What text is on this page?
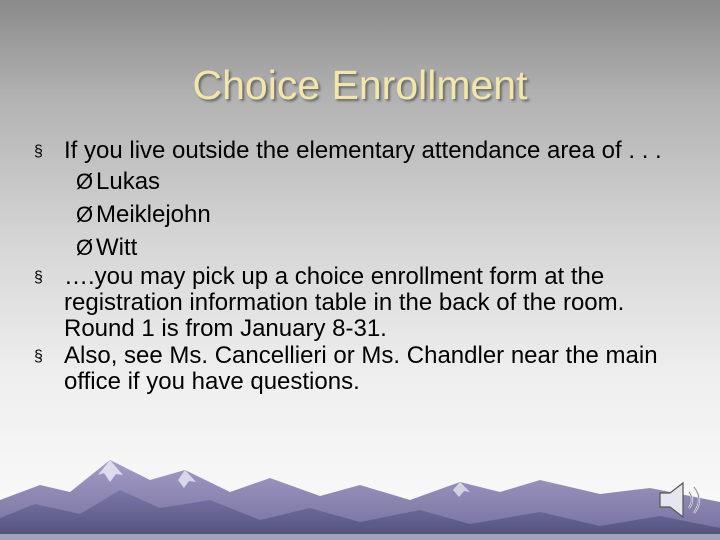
Choice Enrollment
§ If you live outside the elementary attendance area of . . .
Ø Lukas
Ø Meiklejohn
Ø Witt
§ ….you may pick up a choice enrollment form at the registration information table in the back of the room. Round 1 is from January 8-31.
§ Also, see Ms. Cancellieri or Ms. Chandler near the main office if you have questions.
